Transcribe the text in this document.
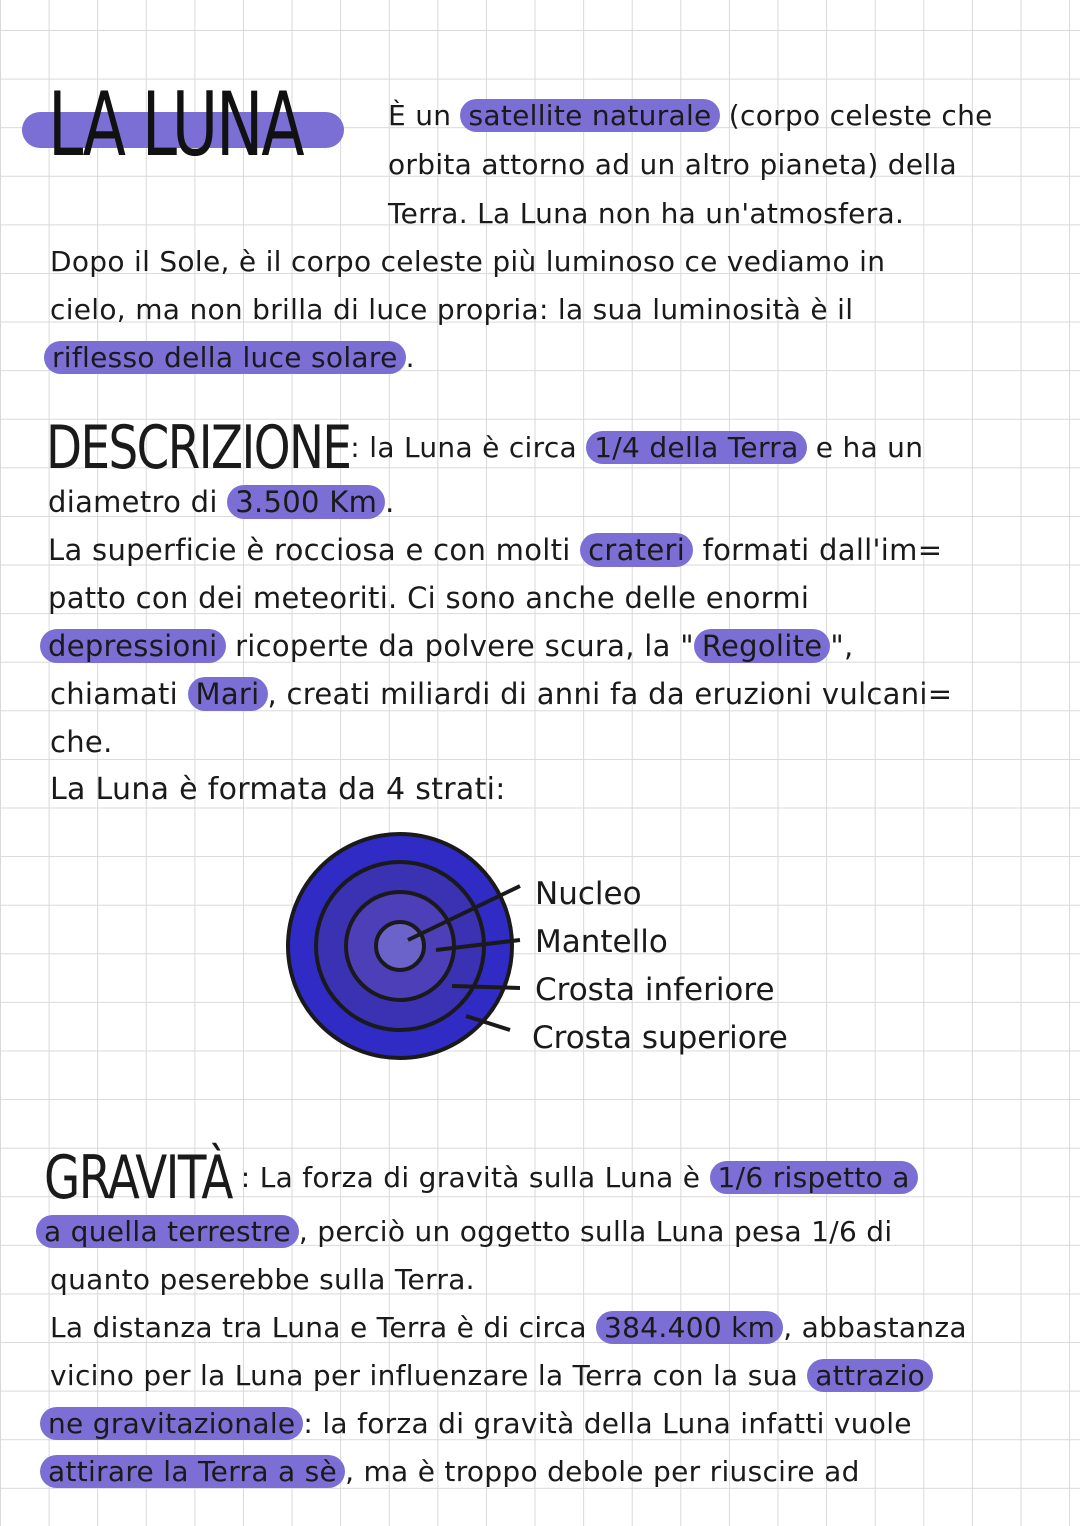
LA LUNA	È un satellite naturale (corpo celeste che
orbita attorno ad un altro pianeta) della
Terra. La Luna non ha un'atmosfera.
Dopo il Sole, è il corpo celeste più luminoso ce vediamo in
cielo, ma non brilla di luce propria: la sua luminosità è il
riflesso della luce solare .
DESCRIZIONE: la Luna è circa 1/4 della Terra e ha un
diametro di 3.500 Km .
La superficie è rocciosa e con molti crateri formati dall'im=
patto con dei meteoriti. Ci sono anche delle enormi
depressioni ricoperte da polvere scura, la " Regolite ",
chiamati Mari , creati miliardi di anni fa da eruzioni vulcani=
che.
La Luna è formata da 4 strati:
Nucleo
Mantello
Crosta inferiore
Crosta superiore
GRAVITÀ : La forza di gravità sulla Luna è 1/6 rispetto a
a quella terrestre , perciò un oggetto sulla Luna pesa 1/6 di
quanto peserebbe sulla Terra.
La distanza tra Luna e Terra è di circa 384.400 km , abbastanza
vicino per la Luna per influenzare la Terra con la sua attrazio
ne gravitazionale : la forza di gravità della Luna infatti vuole
attirare la Terra a sè , ma è troppo debole per riuscire ad
